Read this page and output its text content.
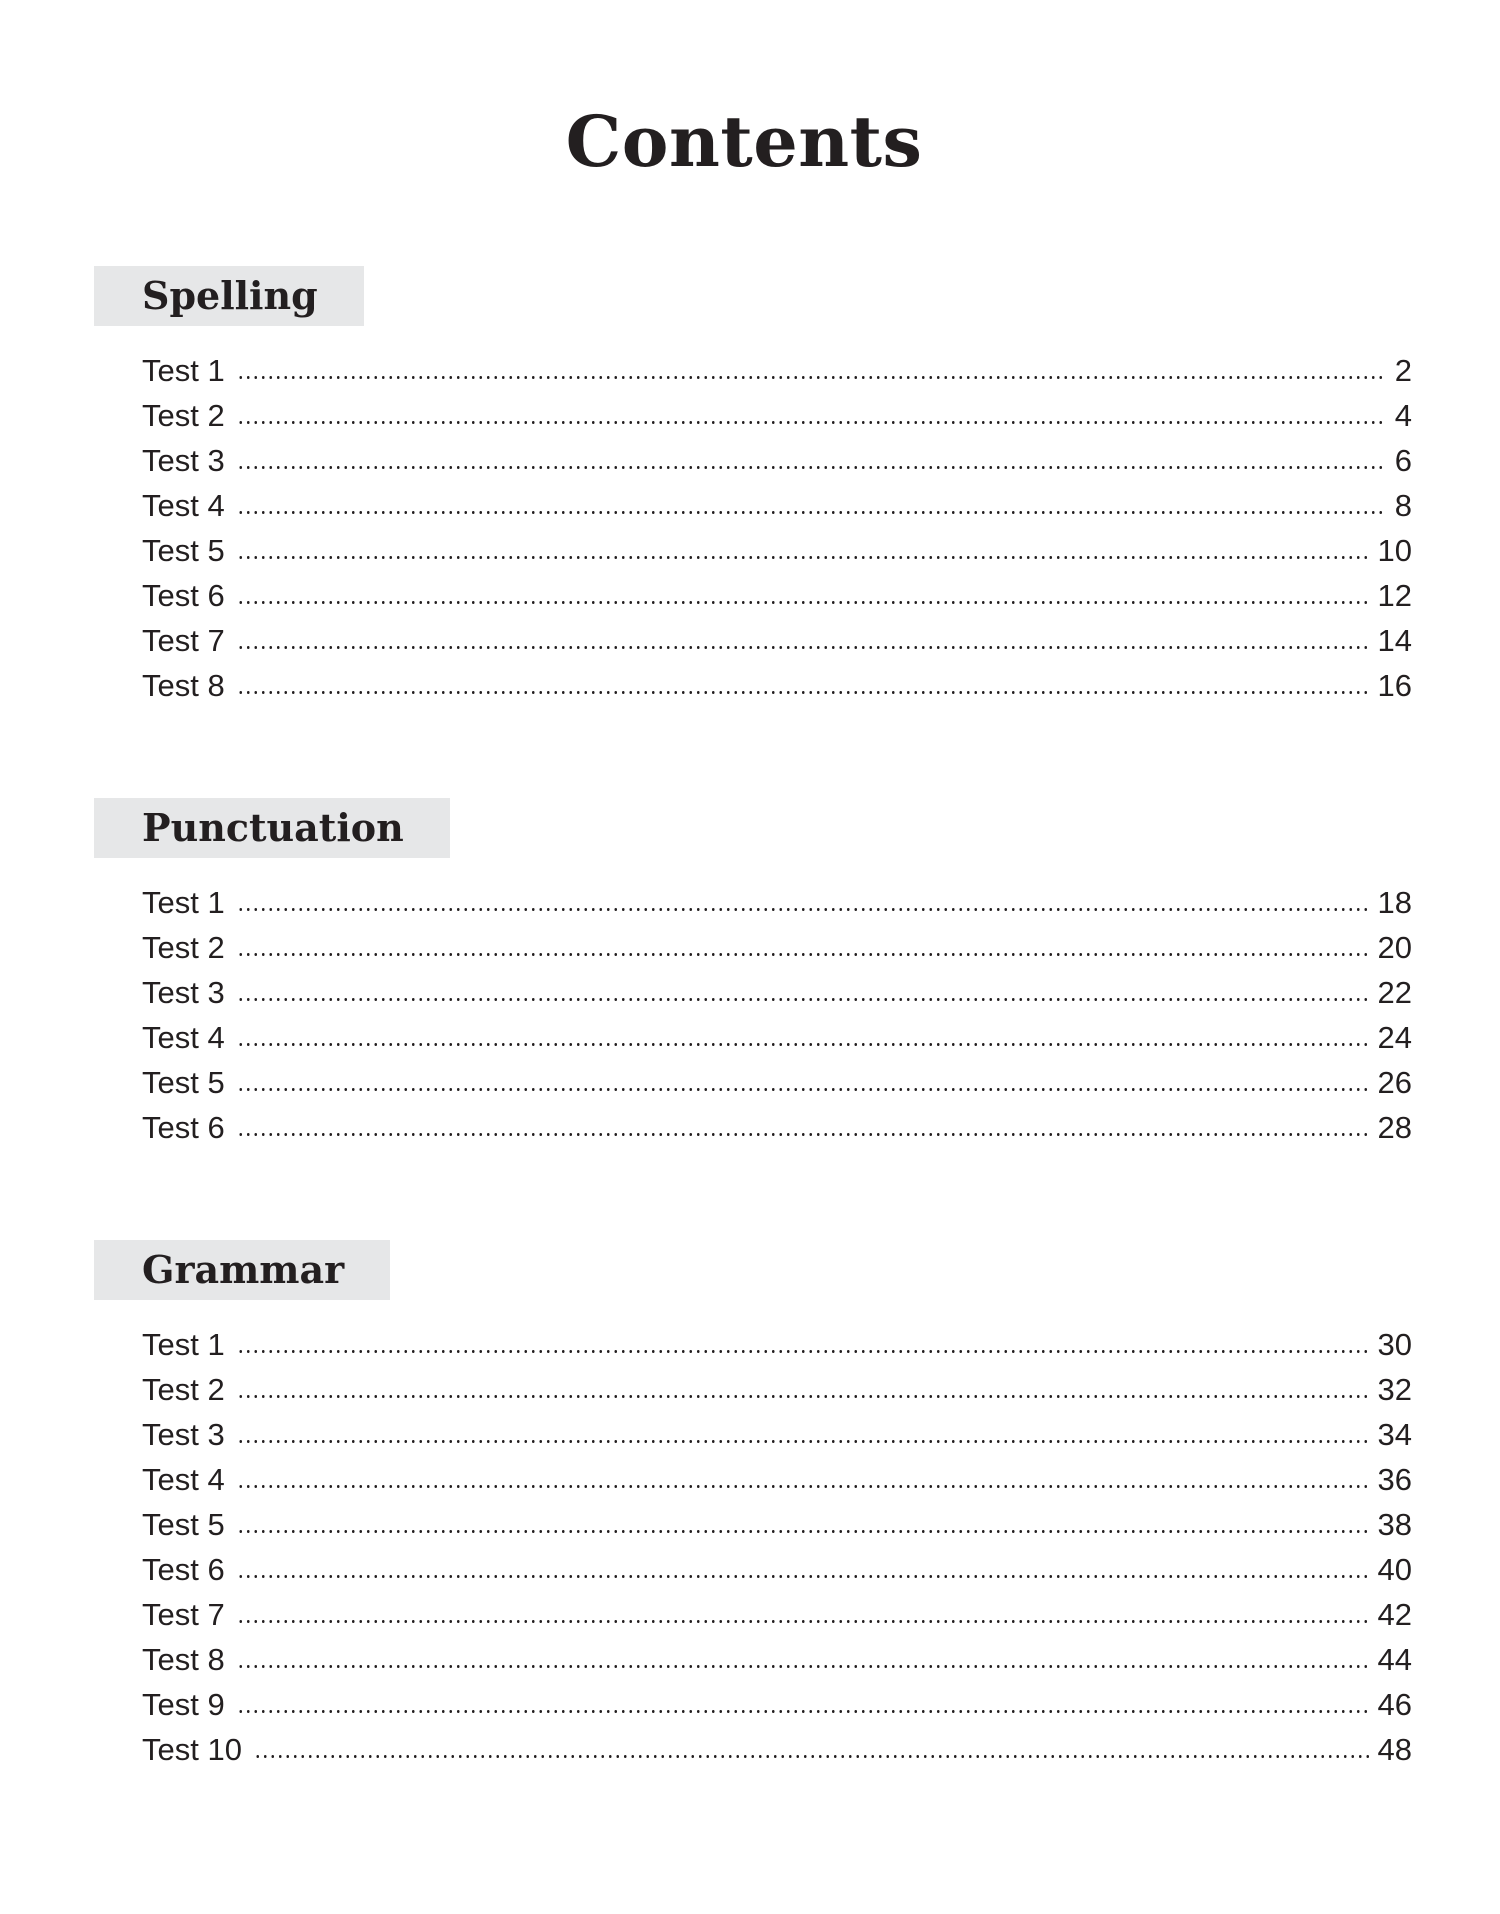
Contents
Spelling
Test 1	2
Test 2	4
Test 3	6
Test 4	8
Test 5	10
Test 6	12
Test 7	14
Test 8	16
Punctuation
Test 1	18
Test 2	20
Test 3	22
Test 4	24
Test 5	26
Test 6	28
Grammar
Test 1	30
Test 2	32
Test 3	34
Test 4	36
Test 5	38
Test 6	40
Test 7	42
Test 8	44
Test 9	46
Test 10	48
